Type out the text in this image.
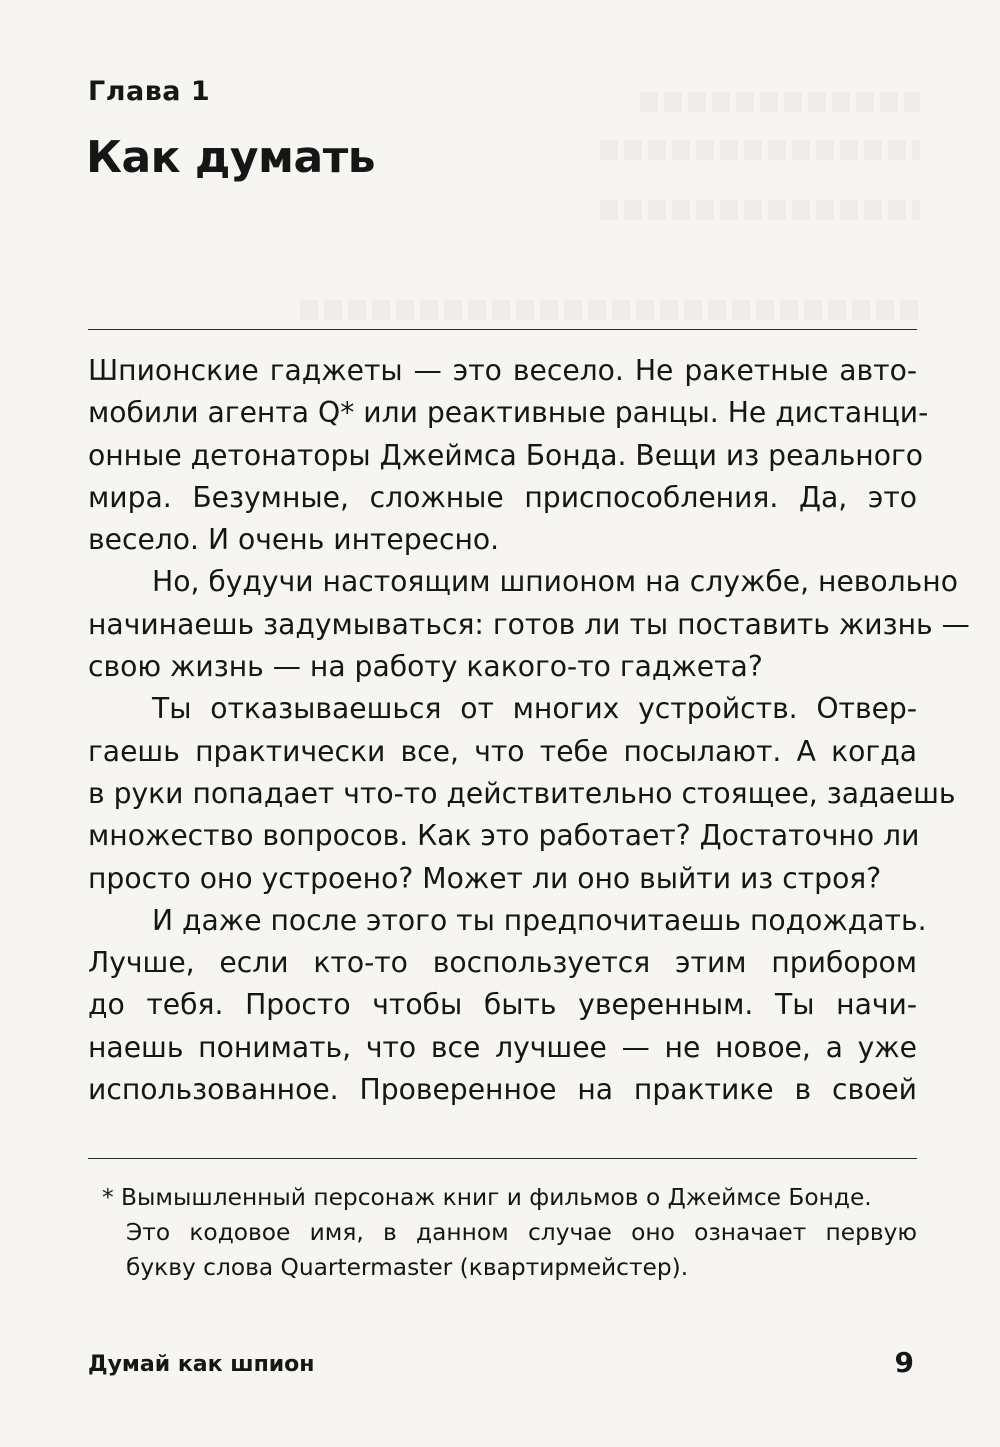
Глава 1
Как думать
Шпионские гаджеты — это весело. Не ракетные авто-
мобили агента Q* или реактивные ранцы. Не дистанци-
онные детонаторы Джеймса Бонда. Вещи из реального
мира. Безумные, сложные приспособления. Да, это
весело. И очень интересно.
Но, будучи настоящим шпионом на службе, невольно
начинаешь задумываться: готов ли ты поставить жизнь —
свою жизнь — на работу какого-то гаджета?
Ты отказываешься от многих устройств. Отвер-
гаешь практически все, что тебе посылают. А когда
в руки попадает что-то действительно стоящее, задаешь
множество вопросов. Как это работает? Достаточно ли
просто оно устроено? Может ли оно выйти из строя?
И даже после этого ты предпочитаешь подождать.
Лучше, если кто-то воспользуется этим прибором
до тебя. Просто чтобы быть уверенным. Ты начи-
наешь понимать, что все лучшее — не новое, а уже
использованное. Проверенное на практике в своей
* Вымышленный персонаж книг и фильмов о Джеймсе Бонде.
Это кодовое имя, в данном случае оно означает первую
букву слова Quartermaster (квартирмейстер).
Думай как шпион	9
